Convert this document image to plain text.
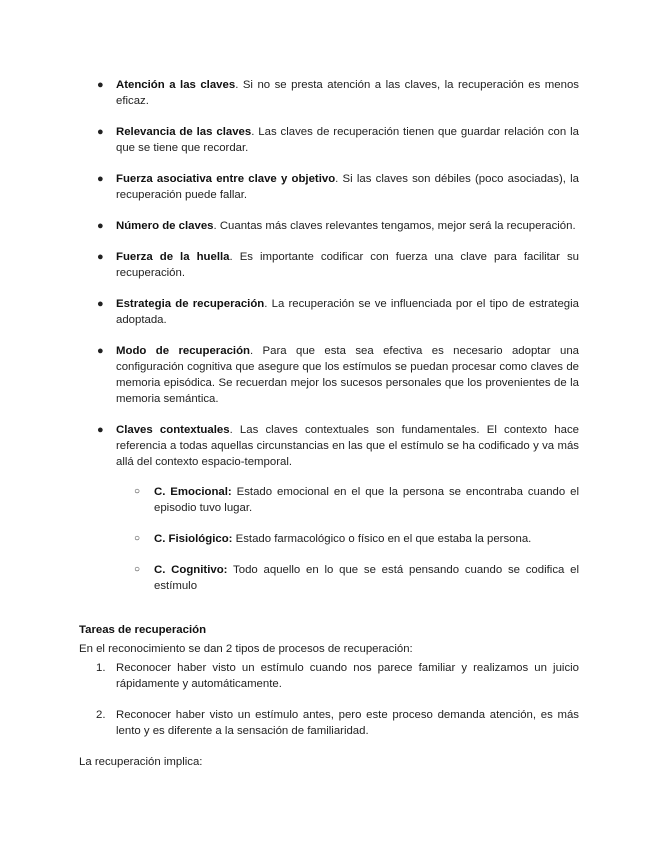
● Atención a las claves. Si no se presta atención a las claves, la recuperación es menos eficaz.
● Relevancia de las claves. Las claves de recuperación tienen que guardar relación con la que se tiene que recordar.
● Fuerza asociativa entre clave y objetivo. Si las claves son débiles (poco asociadas), la recuperación puede fallar.
● Número de claves. Cuantas más claves relevantes tengamos, mejor será la recuperación.
● Fuerza de la huella. Es importante codificar con fuerza una clave para facilitar su recuperación.
● Estrategia de recuperación. La recuperación se ve influenciada por el tipo de estrategia adoptada.
● Modo de recuperación. Para que esta sea efectiva es necesario adoptar una configuración cognitiva que asegure que los estímulos se puedan procesar como claves de memoria episódica. Se recuerdan mejor los sucesos personales que los provenientes de la memoria semántica.
● Claves contextuales. Las claves contextuales son fundamentales. El contexto hace referencia a todas aquellas circunstancias en las que el estímulo se ha codificado y va más allá del contexto espacio-temporal.
○ C. Emocional: Estado emocional en el que la persona se encontraba cuando el episodio tuvo lugar.
○ C. Fisiológico: Estado farmacológico o físico en el que estaba la persona.
○ C. Cognitivo: Todo aquello en lo que se está pensando cuando se codifica el estímulo
Tareas de recuperación
En el reconocimiento se dan 2 tipos de procesos de recuperación:
1. Reconocer haber visto un estímulo cuando nos parece familiar y realizamos un juicio rápidamente y automáticamente.
2. Reconocer haber visto un estímulo antes, pero este proceso demanda atención, es más lento y es diferente a la sensación de familiaridad.
La recuperación implica:
